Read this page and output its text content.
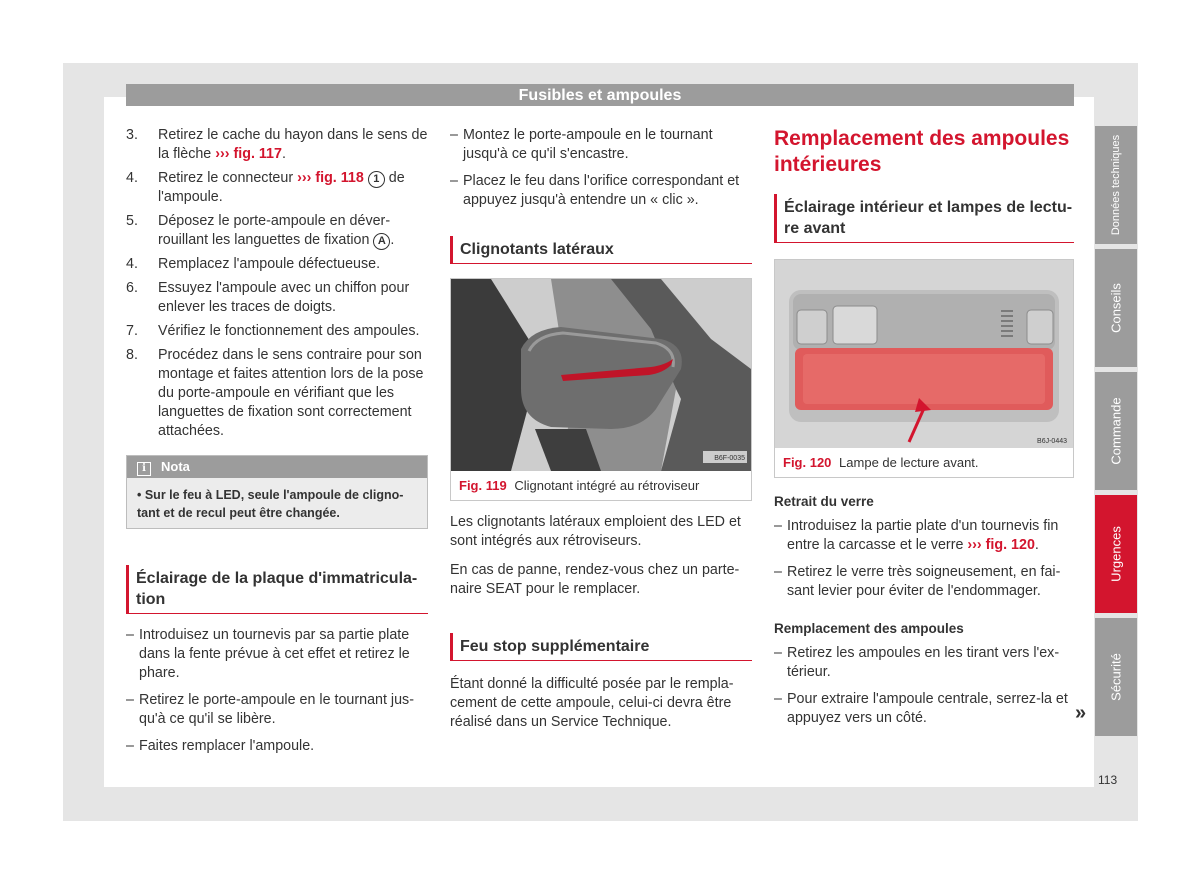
Fusibles et ampoules
3. Retirez le cache du hayon dans le sens de la flèche ››› fig. 117.
4. Retirez le connecteur ››› fig. 118 1 de l'ampoule.
5. Déposez le porte-ampoule en déverrouillant les languettes de fixation A .
4. Remplacez l'ampoule défectueuse.
6. Essuyez l'ampoule avec un chiffon pour enlever les traces de doigts.
7. Vérifiez le fonctionnement des ampoules.
8. Procédez dans le sens contraire pour son montage et faites attention lors de la pose du porte-ampoule en vérifiant que les languettes de fixation sont correctement attachées.
i Nota
• Sur le feu à LED, seule l'ampoule de clignotant et de recul peut être changée.
Éclairage de la plaque d'immatriculation
– Introduisez un tournevis par sa partie plate dans la fente prévue à cet effet et retirez le phare.
– Retirez le porte-ampoule en le tournant jusqu'à ce qu'il se libère.
– Faites remplacer l'ampoule.
– Montez le porte-ampoule en le tournant jusqu'à ce qu'il s'encastre.
– Placez le feu dans l'orifice correspondant et appuyez jusqu'à entendre un « clic ».
Clignotants latéraux
B6F-0035
Fig. 119 Clignotant intégré au rétroviseur

Les clignotants latéraux emploient des LED et sont intégrés aux rétroviseurs.

En cas de panne, rendez-vous chez un partenaire SEAT pour le remplacer.

Feu stop supplémentaire

Étant donné la difficulté posée par le remplacement de cette ampoule, celui-ci devra être réalisé dans un Service Technique.

Remplacement des ampoules intérieures
Éclairage intérieur et lampes de lecture avant
B6J-0443
Fig. 120 Lampe de lecture avant.
Retrait du verre
– Introduisez la partie plate d'un tournevis fin entre la carcasse et le verre ››› fig. 120.
– Retirez le verre très soigneusement, en faisant levier pour éviter de l'endommager.
Remplacement des ampoules
– Retirez les ampoules en les tirant vers l'extérieur.
– Pour extraire l'ampoule centrale, serrez-la et appuyez vers un côté.	»
Données techniques
Conseils
Commande
Urgences
Sécurité
113
